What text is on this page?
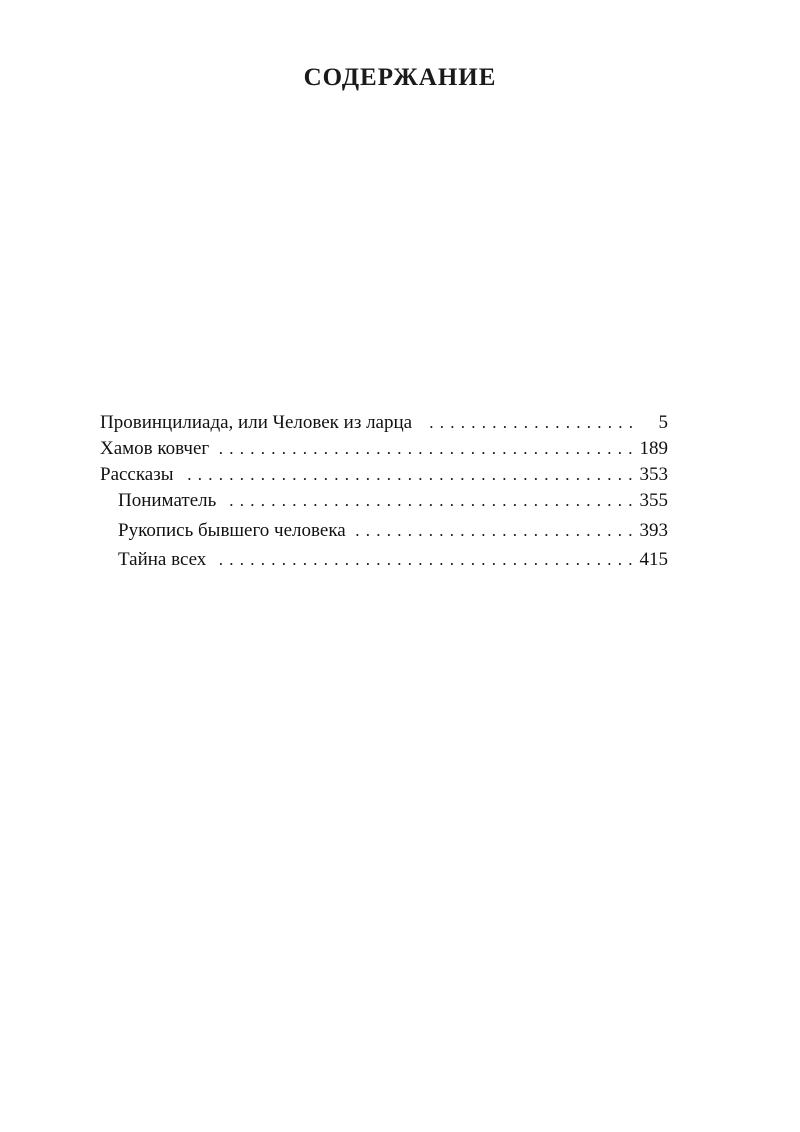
СОДЕРЖАНИЕ
Провинцилиада, или Человек из ларца . . .	5
Хамов ковчег . . .	189
Рассказы . . .	353
Пониматель . . .	355
Рукопись бывшего человека . . .	393
Тайна всех . . .	415
